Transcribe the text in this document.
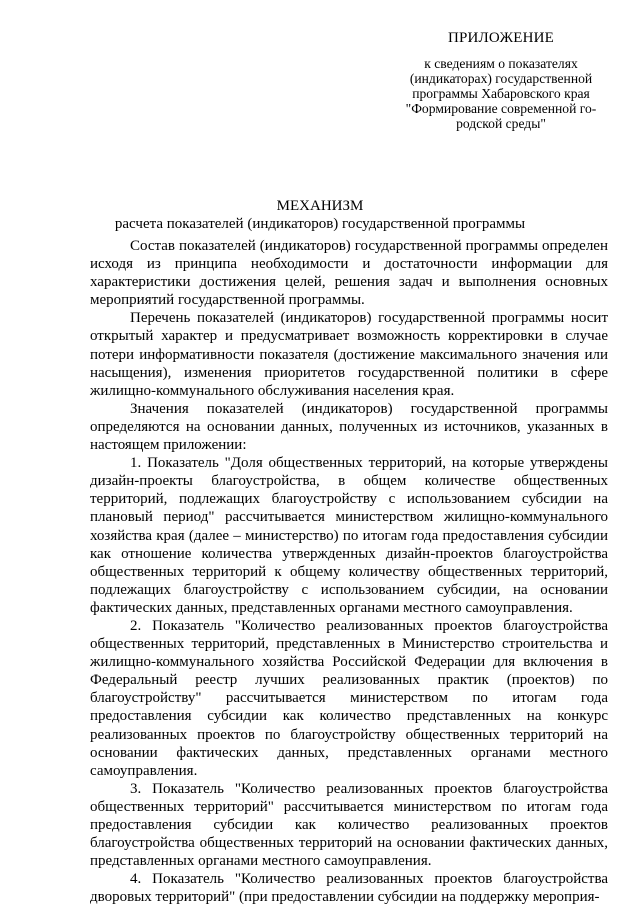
ПРИЛОЖЕНИЕ
к сведениям о показателях
(индикаторах) государственной
программы Хабаровского края
"Формирование современной го-
родской среды"
МЕХАНИЗМ
расчета показателей (индикаторов) государственной программы

Состав показателей (индикаторов) государственной программы определен исходя из принципа необходимости и достаточности информации для характеристики достижения целей, решения задач и выполнения основных мероприятий государственной программы.

Перечень показателей (индикаторов) государственной программы носит открытый характер и предусматривает возможность корректировки в случае потери информативности показателя (достижение максимального значения или насыщения), изменения приоритетов государственной политики в сфере жилищно-коммунального обслуживания населения края.

Значения показателей (индикаторов) государственной программы определяются на основании данных, полученных из источников, указанных в настоящем приложении:

1. Показатель "Доля общественных территорий, на которые утверждены дизайн-проекты благоустройства, в общем количестве общественных территорий, подлежащих благоустройству с использованием субсидии на плановый период" рассчитывается министерством жилищно-коммунального хозяйства края (далее – министерство) по итогам года предоставления субсидии как отношение количества утвержденных дизайн-проектов благоустройства общественных территорий к общему количеству общественных территорий, подлежащих благоустройству с использованием субсидии, на основании фактических данных, представленных органами местного самоуправления.

2. Показатель "Количество реализованных проектов благоустройства общественных территорий, представленных в Министерство строительства и жилищно-коммунального хозяйства Российской Федерации для включения в Федеральный реестр лучших реализованных практик (проектов) по благоустройству" рассчитывается министерством по итогам года предоставления субсидии как количество представленных на конкурс реализованных проектов по благоустройству общественных территорий на основании фактических данных, представленных органами местного самоуправления.

3. Показатель "Количество реализованных проектов благоустройства общественных территорий" рассчитывается министерством по итогам года предоставления субсидии как количество реализованных проектов благоустройства общественных территорий на основании фактических данных, представленных органами местного самоуправления.

4. Показатель "Количество реализованных проектов благоустройства дворовых территорий" (при предоставлении субсидии на поддержку мероприя-
